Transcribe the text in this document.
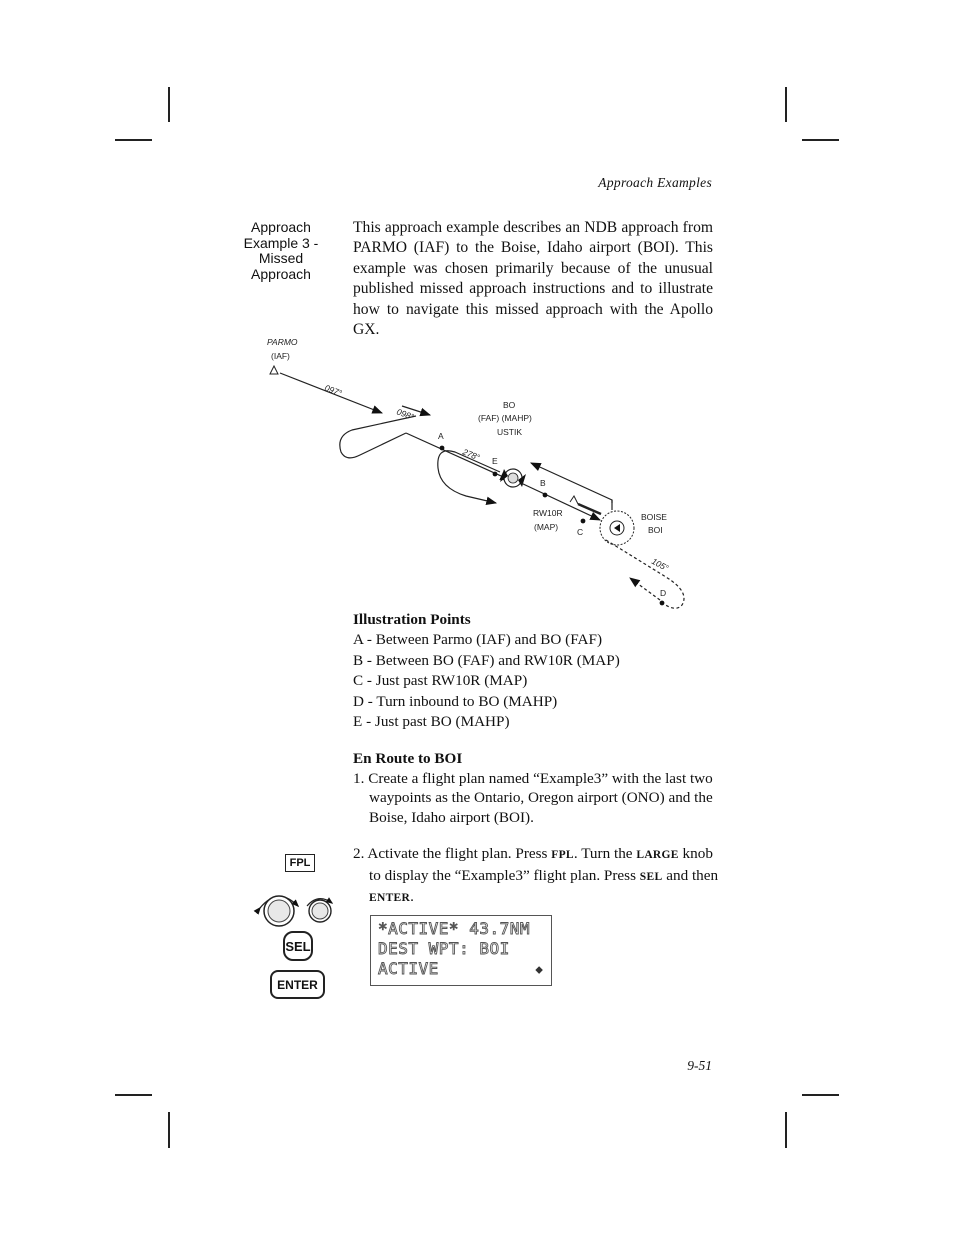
Approach Examples
Approach Example 3 - Missed Approach
This approach example describes an NDB approach from PARMO (IAF) to the Boise, Idaho airport (BOI). This example was chosen primarily because of the unusual published missed approach instructions and to illustrate how to navigate this missed approach with the Apollo GX.
PARMO
(IAF)
097°
098°
278°
BO
(FAF) (MAHP)
USTIK
RW10R
(MAP)
BOISE
BOI
105°
A
E
B
C
D
Illustration Points
A - Between Parmo (IAF) and BO (FAF)
B - Between BO (FAF) and RW10R (MAP)
C - Just past RW10R (MAP)
D - Turn inbound to BO (MAHP)
E - Just past BO (MAHP)
En Route to BOI
1. Create a flight plan named “Example3” with the last two waypoints as the Ontario, Oregon airport (ONO) and the Boise, Idaho airport (BOI).
2. Activate the flight plan. Press FPL. Turn the LARGE knob to display the “Example3” flight plan. Press SEL and then ENTER.
FPL
SEL
ENTER
*ACTIVE* 43.7NM
DEST WPT: BOI
ACTIVE	⬥
9-51
